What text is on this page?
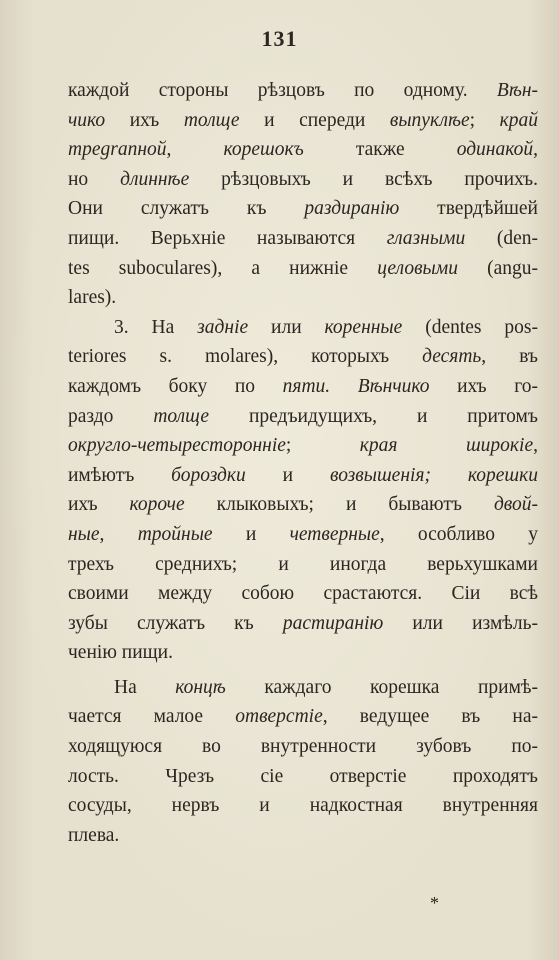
131
каждой стороны рѣзцовъ по одному. Вѣн-
чико ихъ толще и спереди выпуклѣе; край
треgranной, корешокъ также одинакой,
но длиннѣе рѣзцовыхъ и всѣхъ прочихъ.
Они служатъ къ раздиранію твердѣйшей
пищи. Верьхніе называются глазными (den-
tes suboculares), а нижніе целовыми (angu-
lares).
3. На задніе или коренные (dentes pos-
teriores s. molares), которыхъ десять, въ
каждомъ боку по пяти. Вѣнчико ихъ го-
раздо толще предъидущихъ, и притомъ
округло-четырестороннiе; края широкіе,
имѣютъ бороздки и возвышенія; корешки
ихъ короче клыковыхъ; и бываютъ двой-
ные, тройные и четверные, особливо у
трехъ среднихъ; и иногда верьхушками
своими между собою срастаются. Сіи всѣ
зубы служатъ къ растиранію или измѣль-
ченію пищи.
На концѣ каждаго корешка примѣ-
чается малое отверстіе, ведущее въ на-
ходящуюся во внутренности зубовъ по-
лость. Чрезъ сіе отверстіе проходятъ
сосуды, нервъ и надкостная внутренняя
плева.
*
